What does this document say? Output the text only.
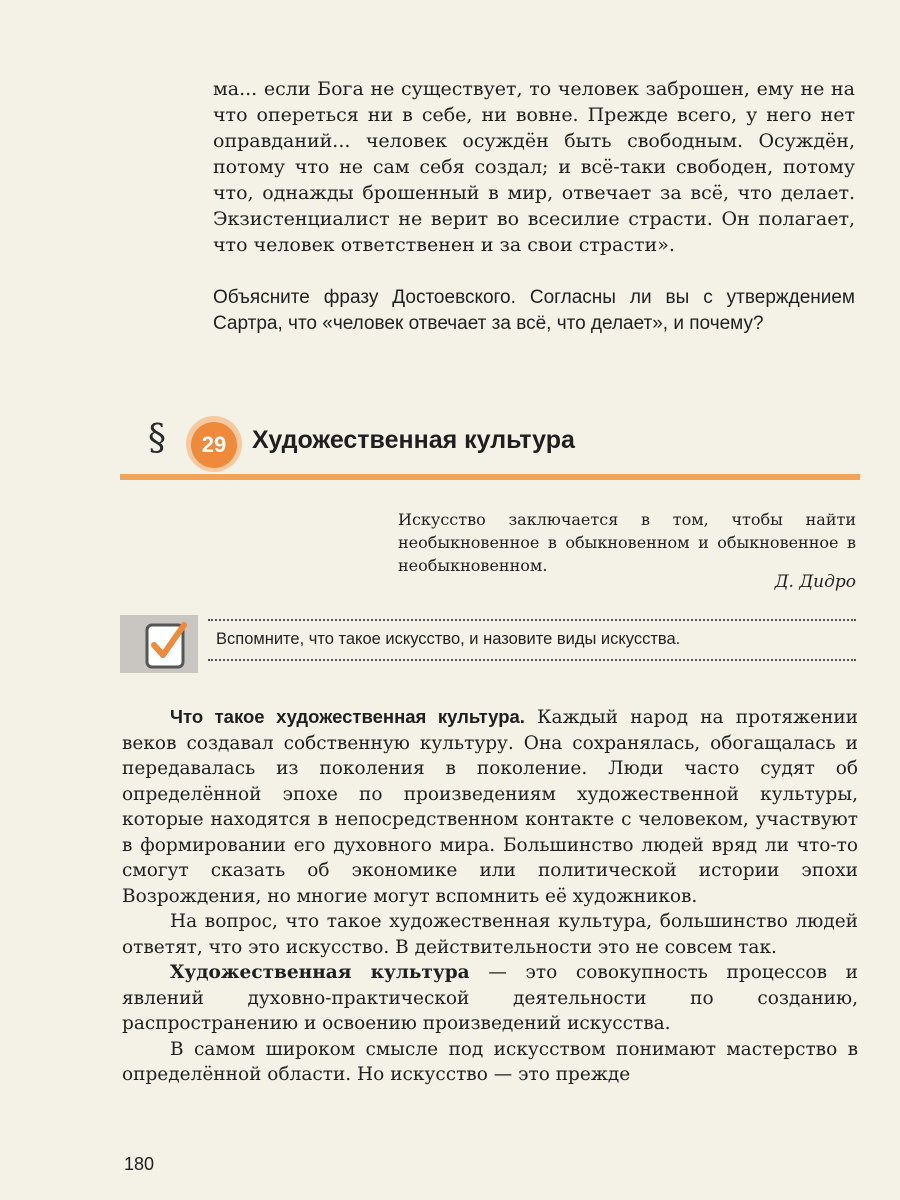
ма... если Бога не существует, то человек заброшен, ему не на что опереться ни в себе, ни вовне. Прежде всего, у него нет оправданий... человек осуждён быть свободным. Осуждён, потому что не сам себя создал; и всё-таки свободен, потому что, однажды брошенный в мир, отвечает за всё, что делает. Экзистенциалист не верит во всесилие страсти. Он полагает, что человек ответственен и за свои страсти».

Объясните фразу Достоевского. Согласны ли вы с утверждением Сартра, что «человек отвечает за всё, что делает», и почему?
§	29	Художественная культура
Искусство заключается в том, чтобы найти необыкновенное в обыкновенном и обыкновенное в необыкновенном.
Д. Дидро
Вспомните, что такое искусство, и назовите виды искусства.

Что такое художественная культура. Каждый народ на протяжении веков создавал собственную культуру. Она сохранялась, обогащалась и передавалась из поколения в поколение. Люди часто судят об определённой эпохе по произведениям художественной культуры, которые находятся в непосредственном контакте с человеком, участвуют в формировании его духовного мира. Большинство людей вряд ли что-то смогут сказать об экономике или политической истории эпохи Возрождения, но многие могут вспомнить её художников.

На вопрос, что такое художественная культура, большинство людей ответят, что это искусство. В действительности это не совсем так.

Художественная культура — это совокупность процессов и явлений духовно-практической деятельности по созданию, распространению и освоению произведений искусства.

В самом широком смысле под искусством понимают мастерство в определённой области. Но искусство — это прежде

180
